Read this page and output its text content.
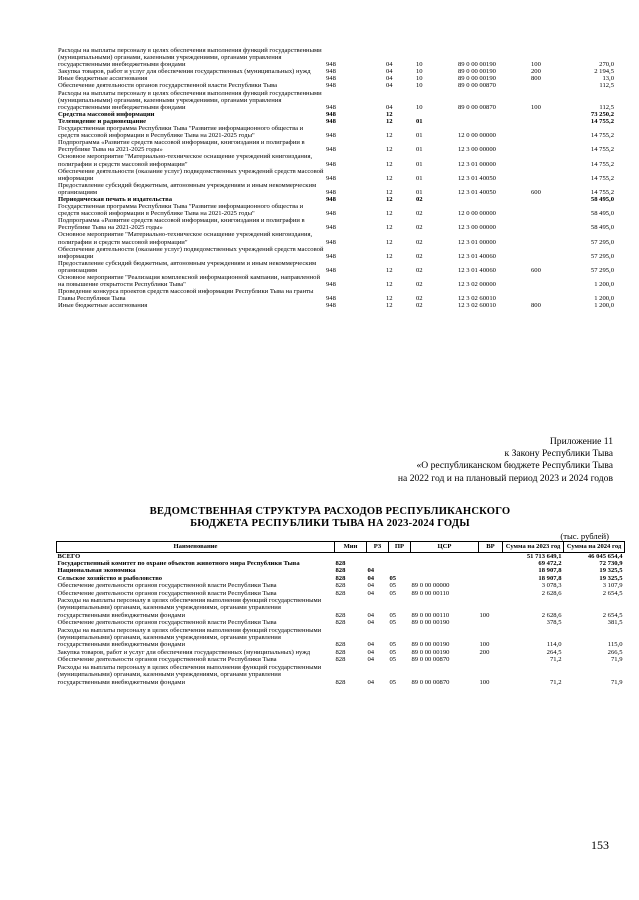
Расходы на выплаты персоналу в целях обеспечения выполнения функций государственными (муниципальными) органами, казенными учреждениями, органами управления государственными внебюджетными фондами	948	04	10	89 0 00 00190	100	270,0
Закупка товаров, работ и услуг для обеспечения государственных (муниципальных) нужд	948	04	10	89 0 00 00190	200	2 194,5
Иные бюджетные ассигнования	948	04	10	89 0 00 00190	800	13,0
Обеспечение деятельности органов государственной власти Республики Тыва	948	04	10	89 0 00 00870		112,5
Расходы на выплаты персоналу в целях обеспечения выполнения функций государственными (муниципальными) органами, казенными учреждениями, органами управления государственными внебюджетными фондами	948	04	10	89 0 00 00870	100	112,5
Средства массовой информации	948	12				73 250,2
Телевидение и радиовещание	948	12	01			14 755,2
Государственная программа Республики Тыва "Развитие информационного общества и средств массовой информации в Республике Тыва на 2021-2025 годы"	948	12	01	12 0 00 00000		14 755,2
Подпрограмма «Развитие средств массовой информации, книгоиздания и полиграфии в Республике Тыва на 2021-2025 годы»	948	12	01	12 3 00 00000		14 755,2
Основное мероприятие "Материально-техническое оснащение учреждений книгоиздания, полиграфии и средств массовой информации"	948	12	01	12 3 01 00000		14 755,2
Обеспечение деятельности (оказание услуг) подведомственных учреждений средств массовой информации	948	12	01	12 3 01 40050		14 755,2
Предоставление субсидий бюджетным, автономным учреждениям и иным некоммерческим организациям	948	12	01	12 3 01 40050	600	14 755,2
Периодическая печать и издательства	948	12	02			58 495,0
Государственная программа Республики Тыва "Развитие информационного общества и средств массовой информации в Республике Тыва на 2021-2025 годы"	948	12	02	12 0 00 00000		58 495,0
Подпрограмма «Развитие средств массовой информации, книгоиздания и полиграфии в Республике Тыва на 2021-2025 годы»	948	12	02	12 3 00 00000		58 495,0
Основное мероприятие "Материально-техническое оснащение учреждений книгоиздания, полиграфии и средств массовой информации"	948	12	02	12 3 01 00000		57 295,0
Обеспечение деятельности (оказание услуг) подведомственных учреждений средств массовой информации	948	12	02	12 3 01 40060		57 295,0
Предоставление субсидий бюджетным, автономным учреждениям и иным некоммерческим организациям	948	12	02	12 3 01 40060	600	57 295,0
Основное мероприятие "Реализация комплексной информационной кампании, направленной на повышение открытости Республики Тыва"	948	12	02	12 3 02 00000		1 200,0
Проведение конкурса проектов средств массовой информации Республики Тыва на гранты Главы Республики Тыва	948	12	02	12 3 02 60010		1 200,0
Иные бюджетные ассигнования	948	12	02	12 3 02 60010	800	1 200,0
Приложение 11
к Закону Республики Тыва
«О республиканском бюджете Республики Тыва
на 2022 год и на плановый период 2023 и 2024 годов
ВЕДОМСТВЕННАЯ СТРУКТУРА РАСХОДОВ РЕСПУБЛИКАНСКОГО
БЮДЖЕТА РЕСПУБЛИКИ ТЫВА НА 2023-2024 ГОДЫ
(тыс. рублей)
Наименование	Мин	РЗ	ПР	ЦСР	ВР	Сумма на 2023 год	Сумма на 2024 год
ВСЕГО						51 713 649,1	46 045 654,4
Государственный комитет по охране объектов животного мира Республики Тыва	828					69 472,2	72 730,9
Национальная экономика	828	04				18 907,8	19 325,5
Сельское хозяйство и рыболовство	828	04	05			18 907,8	19 325,5
Обеспечение деятельности органов государственной власти Республики Тыва	828	04	05	89 0 00 00000		3 078,3	3 107,9
Обеспечение деятельности органов государственной власти Республики Тыва	828	04	05	89 0 00 00110		2 628,6	2 654,5
Расходы на выплаты персоналу в целях обеспечения выполнения функций государственными (муниципальными) органами, казенными учреждениями, органами управления государственными внебюджетными фондами	828	04	05	89 0 00 00110	100	2 628,6	2 654,5
Обеспечение деятельности органов государственной власти Республики Тыва	828	04	05	89 0 00 00190		378,5	381,5
Расходы на выплаты персоналу в целях обеспечения выполнения функций государственными (муниципальными) органами, казенными учреждениями, органами управления государственными внебюджетными фондами	828	04	05	89 0 00 00190	100	114,0	115,0
Закупка товаров, работ и услуг для обеспечения государственных (муниципальных) нужд	828	04	05	89 0 00 00190	200	264,5	266,5
Обеспечение деятельности органов государственной власти Республики Тыва	828	04	05	89 0 00 00870		71,2	71,9
Расходы на выплаты персоналу в целях обеспечения выполнения функций государственными (муниципальными) органами, казенными учреждениями, органами управления государственными внебюджетными фондами	828	04	05	89 0 00 00870	100	71,2	71,9
153
